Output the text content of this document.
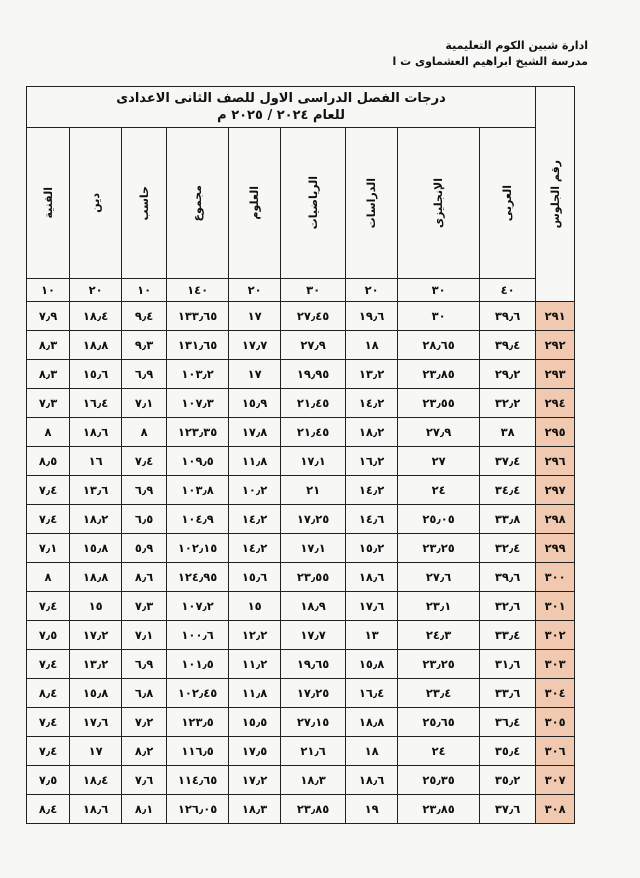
ادارة شبين الكوم التعليمية
مدرسة الشيخ ابراهيم العشماوى ت ا
رقم الجلوس	درجات الفصل الدراسى الاول للصف الثانى الاعدادى
للعام ٢٠٢٤ / ٢٠٢٥ م								

	العربى	الإنجليزى	الدراسات	الرياضيات	العلوم	مجموع	حاسب	دين	الفنية

	٤٠	٣٠	٢٠	٣٠	٢٠	١٤٠	١٠	٢٠	١٠
٢٩١	٣٩٫٦	٣٠	١٩٫٦	٢٧٫٤٥	١٧	١٣٣٫٦٥	٩٫٤	١٨٫٤	٧٫٩
٢٩٢	٣٩٫٤	٢٨٫٦٥	١٨	٢٧٫٩	١٧٫٧	١٣١٫٦٥	٩٫٣	١٨٫٨	٨٫٣
٢٩٣	٢٩٫٢	٢٣٫٨٥	١٣٫٢	١٩٫٩٥	١٧	١٠٣٫٢	٦٫٩	١٥٫٦	٨٫٣
٢٩٤	٣٢٫٢	٢٣٫٥٥	١٤٫٢	٢١٫٤٥	١٥٫٩	١٠٧٫٣	٧٫١	١٦٫٤	٧٫٣
٢٩٥	٣٨	٢٧٫٩	١٨٫٢	٢١٫٤٥	١٧٫٨	١٢٣٫٣٥	٨	١٨٫٦	٨
٢٩٦	٣٧٫٤	٢٧	١٦٫٢	١٧٫١	١١٫٨	١٠٩٫٥	٧٫٤	١٦	٨٫٥
٢٩٧	٣٤٫٤	٢٤	١٤٫٢	٢١	١٠٫٢	١٠٣٫٨	٦٫٩	١٣٫٦	٧٫٤
٢٩٨	٣٣٫٨	٢٥٫٠٥	١٤٫٦	١٧٫٢٥	١٤٫٢	١٠٤٫٩	٦٫٥	١٨٫٢	٧٫٤
٢٩٩	٣٢٫٤	٢٣٫٢٥	١٥٫٢	١٧٫١	١٤٫٢	١٠٢٫١٥	٥٫٩	١٥٫٨	٧٫١
٣٠٠	٣٩٫٦	٢٧٫٦	١٨٫٦	٢٣٫٥٥	١٥٫٦	١٢٤٫٩٥	٨٫٦	١٨٫٨	٨
٣٠١	٣٢٫٦	٢٣٫١	١٧٫٦	١٨٫٩	١٥	١٠٧٫٢	٧٫٣	١٥	٧٫٤
٣٠٢	٣٣٫٤	٢٤٫٣	١٣	١٧٫٧	١٢٫٢	١٠٠٫٦	٧٫١	١٧٫٢	٧٫٥
٣٠٣	٣١٫٦	٢٣٫٢٥	١٥٫٨	١٩٫٦٥	١١٫٢	١٠١٫٥	٦٫٩	١٣٫٢	٧٫٤
٣٠٤	٣٣٫٦	٢٣٫٤	١٦٫٤	١٧٫٢٥	١١٫٨	١٠٢٫٤٥	٦٫٨	١٥٫٨	٨٫٤
٣٠٥	٣٦٫٤	٢٥٫٦٥	١٨٫٨	٢٧٫١٥	١٥٫٥	١٢٣٫٥	٧٫٢	١٧٫٦	٧٫٤
٣٠٦	٣٥٫٤	٢٤	١٨	٢١٫٦	١٧٫٥	١١٦٫٥	٨٫٢	١٧	٧٫٤
٣٠٧	٣٥٫٢	٢٥٫٣٥	١٨٫٦	١٨٫٣	١٧٫٢	١١٤٫٦٥	٧٫٦	١٨٫٤	٧٫٥
٣٠٨	٣٧٫٦	٢٣٫٨٥	١٩	٢٣٫٨٥	١٨٫٣	١٢٦٫٠٥	٨٫١	١٨٫٦	٨٫٤
